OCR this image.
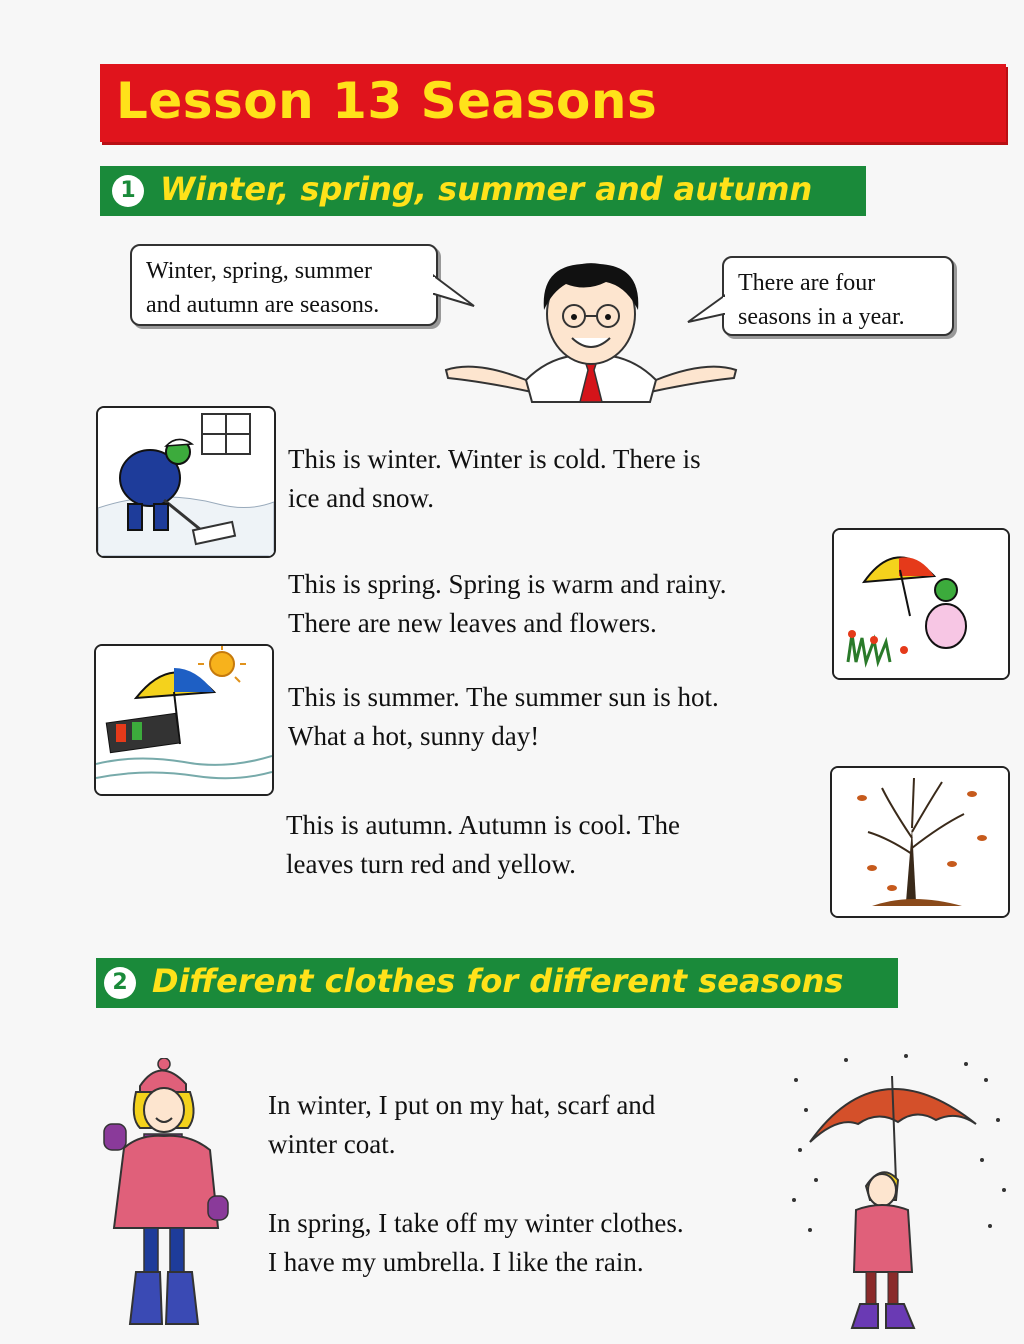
Lesson 13 Seasons
1 Winter, spring, summer and autumn
Winter, spring, summer
and autumn are seasons.
There are four
seasons in a year.
This is winter. Winter is cold. There is
ice and snow.
This is spring. Spring is warm and rainy.
There are new leaves and flowers.
This is summer. The summer sun is hot.
What a hot, sunny day!
This is autumn. Autumn is cool. The
leaves turn red and yellow.
2 Different clothes for different seasons
In winter, I put on my hat, scarf and
winter coat.
In spring, I take off my winter clothes.
I have my umbrella. I like the rain.
